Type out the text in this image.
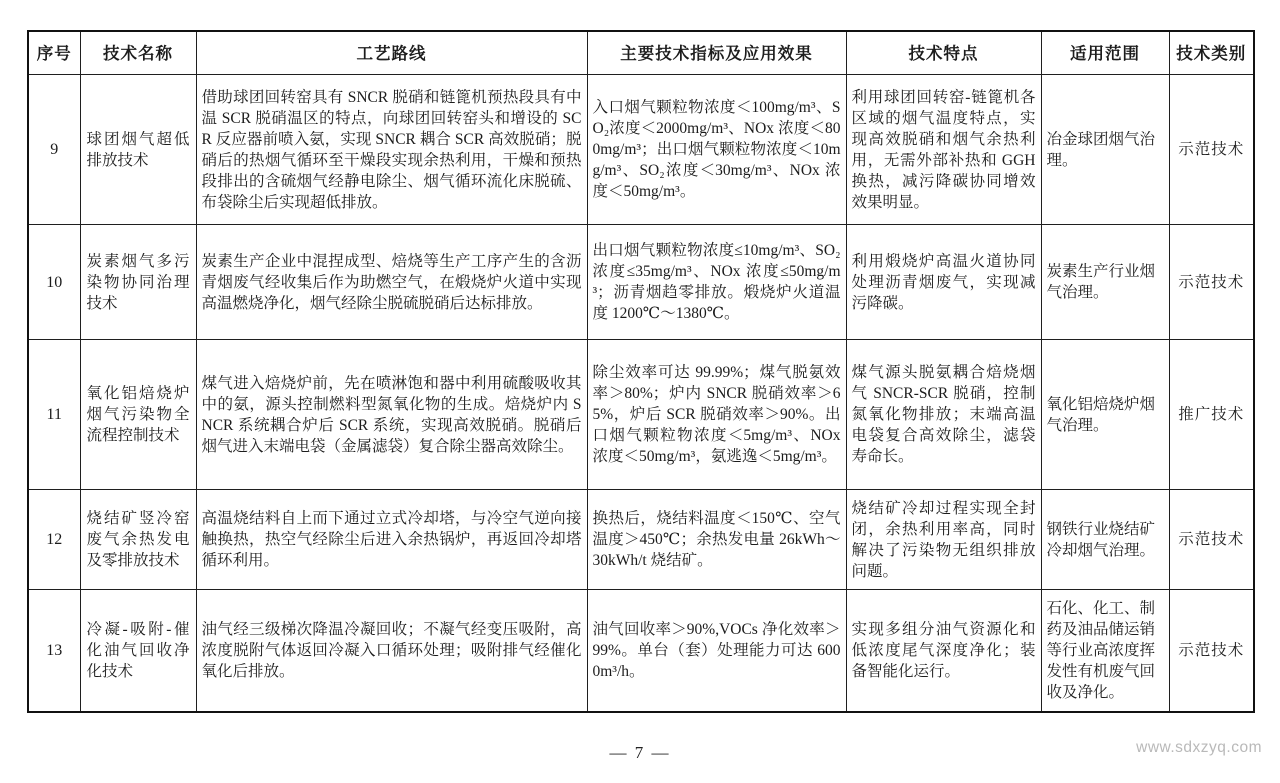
序号	技术名称	工艺路线	主要技术指标及应用效果	技术特点	适用范围	技术类别
9	球团烟气超低排放技术	借助球团回转窑具有 SNCR 脱硝和链篦机预热段具有中温 SCR 脱硝温区的特点，向球团回转窑头和增设的 SCR 反应器前喷入氨，实现 SNCR 耦合 SCR 高效脱硝；脱硝后的热烟气循环至干燥段实现余热利用，干燥和预热段排出的含硫烟气经静电除尘、烟气循环流化床脱硫、布袋除尘后实现超低排放。	入口烟气颗粒物浓度＜100mg/m³、SO₂浓度＜2000mg/m³、NOx 浓度＜800mg/m³；出口烟气颗粒物浓度＜10mg/m³、SO₂浓度＜30mg/m³、NOx 浓度＜50mg/m³。	利用球团回转窑-链篦机各区域的烟气温度特点，实现高效脱硝和烟气余热利用，无需外部补热和 GGH 换热，减污降碳协同增效效果明显。	冶金球团烟气治理。	示范技术
10	炭素烟气多污染物协同治理技术	炭素生产企业中混捏成型、焙烧等生产工序产生的含沥青烟废气经收集后作为助燃空气，在煅烧炉火道中实现高温燃烧净化，烟气经除尘脱硫脱硝后达标排放。	出口烟气颗粒物浓度≤10mg/m³、SO₂浓度≤35mg/m³、NOx 浓度≤50mg/m³；沥青烟趋零排放。煅烧炉火道温度 1200℃～1380℃。	利用煅烧炉高温火道协同处理沥青烟废气，实现减污降碳。	炭素生产行业烟气治理。	示范技术
11	氧化铝焙烧炉烟气污染物全流程控制技术	煤气进入焙烧炉前，先在喷淋饱和器中利用硫酸吸收其中的氨，源头控制燃料型氮氧化物的生成。焙烧炉内 SNCR 系统耦合炉后 SCR 系统，实现高效脱硝。脱硝后烟气进入末端电袋（金属滤袋）复合除尘器高效除尘。	除尘效率可达 99.99%；煤气脱氨效率＞80%；炉内 SNCR 脱硝效率＞65%，炉后 SCR 脱硝效率＞90%。出口烟气颗粒物浓度＜5mg/m³、NOx 浓度＜50mg/m³，氨逃逸＜5mg/m³。	煤气源头脱氨耦合焙烧烟气 SNCR-SCR 脱硝，控制氮氧化物排放；末端高温电袋复合高效除尘，滤袋寿命长。	氧化铝焙烧炉烟气治理。	推广技术
12	烧结矿竖冷窑废气余热发电及零排放技术	高温烧结料自上而下通过立式冷却塔，与冷空气逆向接触换热，热空气经除尘后进入余热锅炉，再返回冷却塔循环利用。	换热后，烧结料温度＜150℃、空气温度＞450℃；余热发电量 26kWh～30kWh/t 烧结矿。	烧结矿冷却过程实现全封闭，余热利用率高，同时解决了污染物无组织排放问题。	钢铁行业烧结矿冷却烟气治理。	示范技术
13	冷凝-吸附-催化油气回收净化技术	油气经三级梯次降温冷凝回收；不凝气经变压吸附，高浓度脱附气体返回冷凝入口循环处理；吸附排气经催化氧化后排放。	油气回收率＞90%,VOCs 净化效率＞99%。单台（套）处理能力可达 6000m³/h。	实现多组分油气资源化和低浓度尾气深度净化；装备智能化运行。	石化、化工、制药及油品储运销等行业高浓度挥发性有机废气回收及净化。	示范技术
— 7 —	www.sdxzyq.com
